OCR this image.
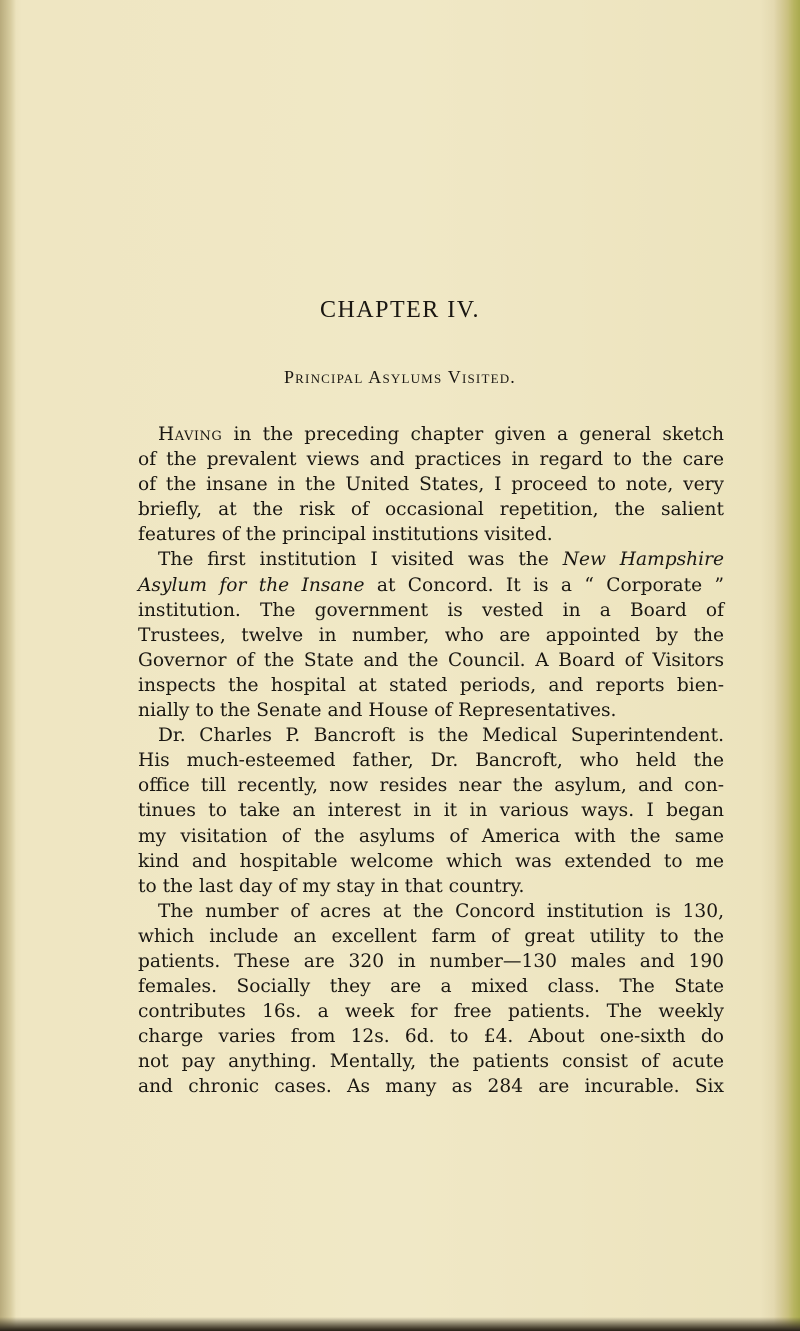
CHAPTER IV.
Principal Asylums Visited.
Having in the preceding chapter given a general sketch
of the prevalent views and practices in regard to the care
of the insane in the United States, I proceed to note, very
briefly, at the risk of occasional repetition, the salient
features of the principal institutions visited.
The first institution I visited was the New Hampshire
Asylum for the Insane at Concord. It is a “ Corporate ”
institution. The government is vested in a Board of
Trustees, twelve in number, who are appointed by the
Governor of the State and the Council. A Board of Visitors
inspects the hospital at stated periods, and reports bien-
nially to the Senate and House of Representatives.
Dr. Charles P. Bancroft is the Medical Superintendent.
His much-esteemed father, Dr. Bancroft, who held the
office till recently, now resides near the asylum, and con-
tinues to take an interest in it in various ways. I began
my visitation of the asylums of America with the same
kind and hospitable welcome which was extended to me
to the last day of my stay in that country.
The number of acres at the Concord institution is 130,
which include an excellent farm of great utility to the
patients. These are 320 in number—130 males and 190
females. Socially they are a mixed class. The State
contributes 16s. a week for free patients. The weekly
charge varies from 12s. 6d. to £4. About one-sixth do
not pay anything. Mentally, the patients consist of acute
and chronic cases. As many as 284 are incurable. Six
